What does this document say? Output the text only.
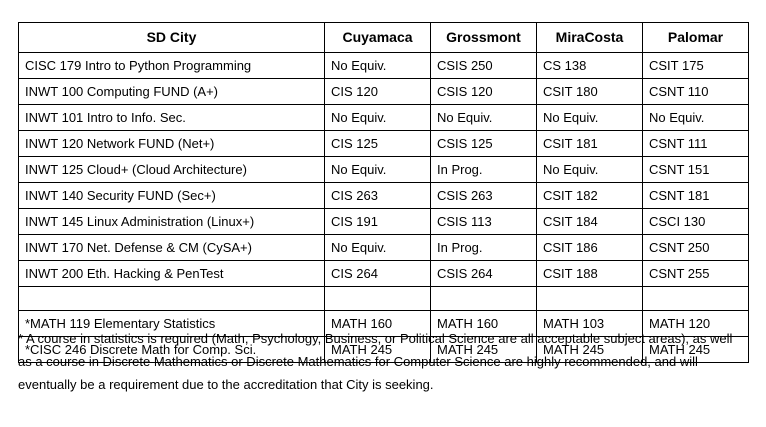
SD City	Cuyamaca	Grossmont	MiraCosta	Palomar
CISC 179 Intro to Python Programming	No Equiv.	CSIS 250	CS 138	CSIT 175
INWT 100 Computing FUND (A+)	CIS 120	CSIS 120	CSIT 180	CSNT 110
INWT 101 Intro to Info. Sec.	No Equiv.	No Equiv.	No Equiv.	No Equiv.
INWT 120 Network FUND (Net+)	CIS 125	CSIS 125	CSIT 181	CSNT 111
INWT 125 Cloud+ (Cloud Architecture)	No Equiv.	In Prog.	No Equiv.	CSNT 151
INWT 140 Security FUND (Sec+)	CIS 263	CSIS 263	CSIT 182	CSNT 181
INWT 145 Linux Administration (Linux+)	CIS 191	CSIS 113	CSIT 184	CSCI 130
INWT 170 Net. Defense & CM (CySA+)	No Equiv.	In Prog.	CSIT 186	CSNT 250
INWT 200 Eth. Hacking & PenTest	CIS 264	CSIS 264	CSIT 188	CSNT 255

*MATH 119 Elementary Statistics	MATH 160	MATH 160	MATH 103	MATH 120
*CISC 246 Discrete Math for Comp. Sci.	MATH 245	MATH 245	MATH 245	MATH 245

* A course in statistics is required (Math, Psychology, Business, or Political Science are all acceptable subject areas), as well as a course in Discrete Mathematics or Discrete Mathematics for Computer Science are highly recommended, and will eventually be a requirement due to the accreditation that City is seeking.
